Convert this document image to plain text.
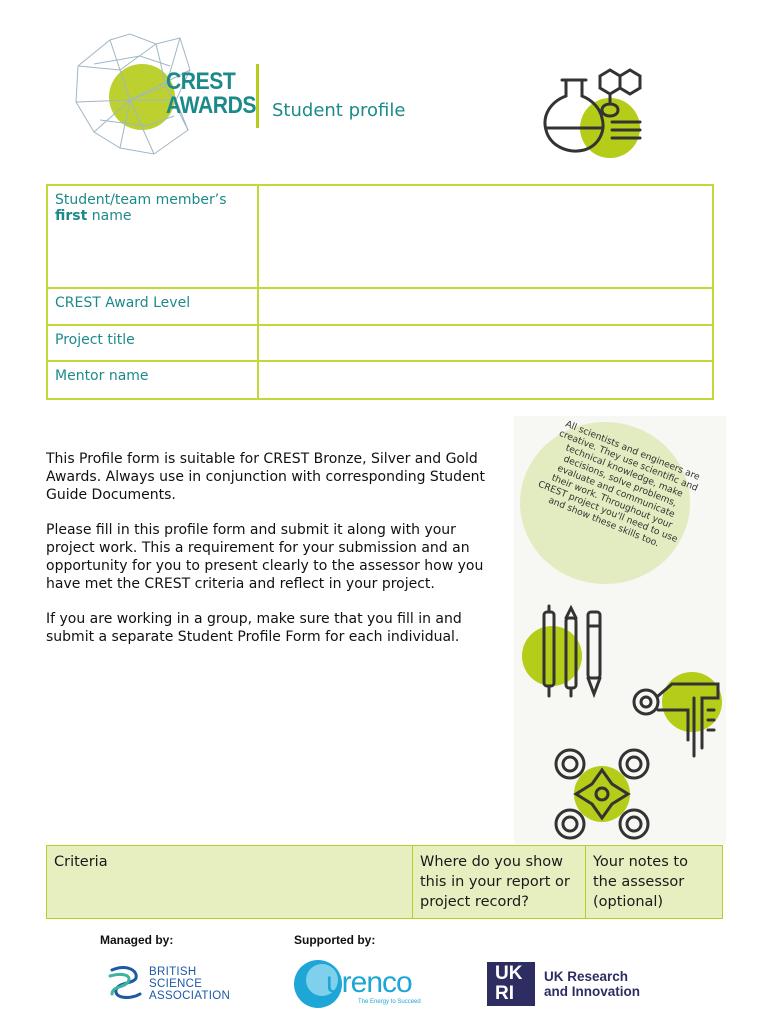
CREST
AWARDS Student profile
Student/team member’s
first name	
CREST Award Level	
Project title	
Mentor name	

This Profile form is suitable for CREST Bronze, Silver and Gold Awards. Always use in conjunction with corresponding Student Guide Documents.

Please fill in this profile form and submit it along with your project work. This a requirement for your submission and an opportunity for you to present clearly to the assessor how you have met the CREST criteria and reflect in your project.

If you are working in a group, make sure that you fill in and submit a separate Student Profile Form for each individual.

All scientists and engineers are creative. They use scientific and technical knowledge, make decisions, solve problems, evaluate and communicate their work. Throughout your CREST project you'll need to use and show these skills too.
Criteria	Where do you show this in your report or project record?	Your notes to the assessor (optional)
Managed by:	Supported by:
BRITISH
SCIENCE
ASSOCIATION	urenco
The Energy to Succeed
UK
RI
UK Research
and Innovation
